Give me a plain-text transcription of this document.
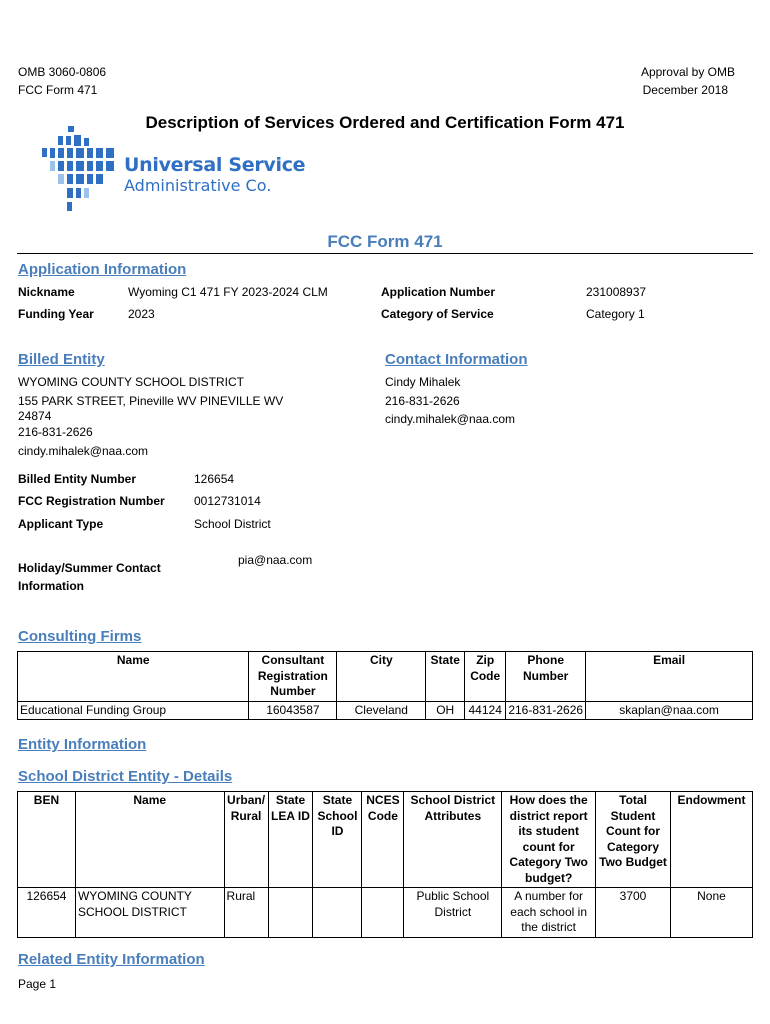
OMB 3060-0806
FCC Form 471
Approval by OMB
December 2018
Description of Services Ordered and Certification Form 471
Universal Service
Administrative Co.
FCC Form 471
Application Information
Nickname	Wyoming C1 471 FY 2023-2024 CLM	Application Number	231008937
Funding Year	2023	Category of Service	Category 1
Billed Entity
WYOMING COUNTY SCHOOL DISTRICT
155 PARK STREET, Pineville WV PINEVILLE WV
24874
216-831-2626
cindy.mihalek@naa.com
Contact Information
Cindy Mihalek
216-831-2626
cindy.mihalek@naa.com
Billed Entity Number	126654
FCC Registration Number 0012731014
Applicant Type	School District
Holiday/Summer Contact
Information
pia@naa.com
Consulting Firms
Name	Consultant Registration Number	City	State	Zip Code	Phone Number	Email
Educational Funding Group	16043587	Cleveland	OH	44124	216-831-2626	skaplan@naa.com
Entity Information
School District Entity - Details
BEN	Name	Urban/ Rural	State LEA ID	State School ID	NCES Code	School District Attributes	How does the district report its student count for Category Two budget?	Total Student Count for Category Two Budget	Endowment
126654	WYOMING COUNTY SCHOOL DISTRICT	Rural				Public School District	A number for each school in the district	3700	None
Related Entity Information
Page 1
